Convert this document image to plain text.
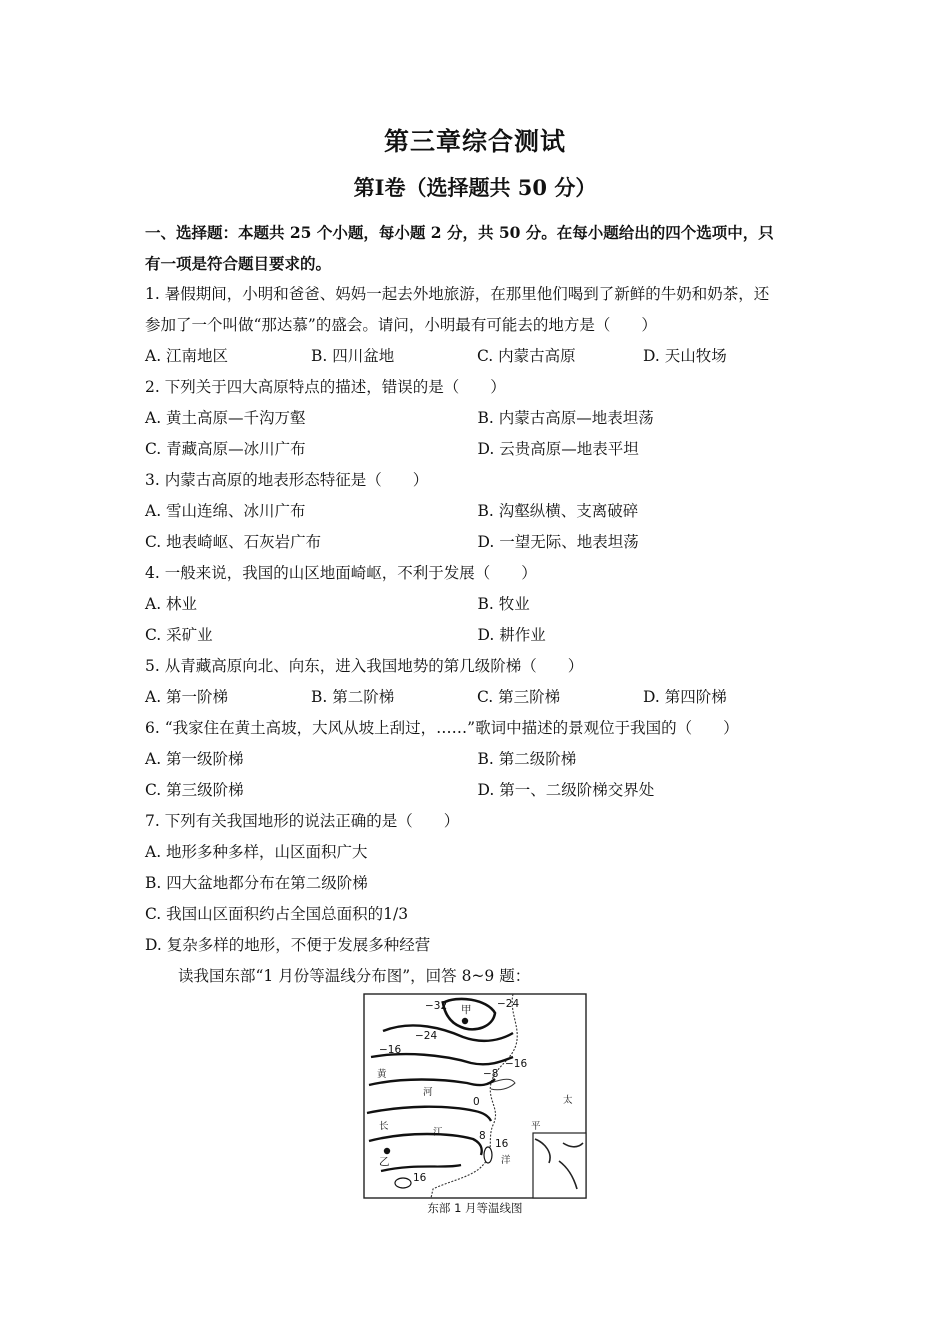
第三章综合测试
第Ⅰ卷（选择题共 50 分）
一、选择题：本题共 25 个小题，每小题 2 分，共 50 分。在每小题给出的四个选项中，只
有一项是符合题目要求的。
1. 暑假期间，小明和爸爸、妈妈一起去外地旅游，在那里他们喝到了新鲜的牛奶和奶茶，还
参加了一个叫做“那达慕”的盛会。请问，小明最有可能去的地方是（　　）
A. 江南地区	B. 四川盆地	C. 内蒙古高原	D. 天山牧场
2. 下列关于四大高原特点的描述，错误的是（　　）
A. 黄土高原—千沟万壑	B. 内蒙古高原—地表坦荡
C. 青藏高原—冰川广布	D. 云贵高原—地表平坦
3. 内蒙古高原的地表形态特征是（　　）
A. 雪山连绵、冰川广布	B. 沟壑纵横、支离破碎
C. 地表崎岖、石灰岩广布	D. 一望无际、地表坦荡
4. 一般来说，我国的山区地面崎岖，不利于发展（　　）
A. 林业	B. 牧业
C. 采矿业	D. 耕作业
5. 从青藏高原向北、向东，进入我国地势的第几级阶梯（　　）
A. 第一阶梯	B. 第二阶梯	C. 第三阶梯	D. 第四阶梯
6. “我家住在黄土高坡，大风从坡上刮过，……”歌词中描述的景观位于我国的（　　）
A. 第一级阶梯	B. 第二级阶梯
C. 第三级阶梯	D. 第一、二级阶梯交界处
7. 下列有关我国地形的说法正确的是（　　）
A. 地形多种多样，山区面积广大
B. 四大盆地都分布在第二级阶梯
C. 我国山区面积约占全国总面积的1/3
D. 复杂多样的地形，不便于发展多种经营
读我国东部“1 月份等温线分布图”，回答 8~9 题：
−32	−24
−24
−16
−16
−8
0
8
16
16
甲
乙
黄
河
长
江
太
平
洋
东部 1 月等温线图
